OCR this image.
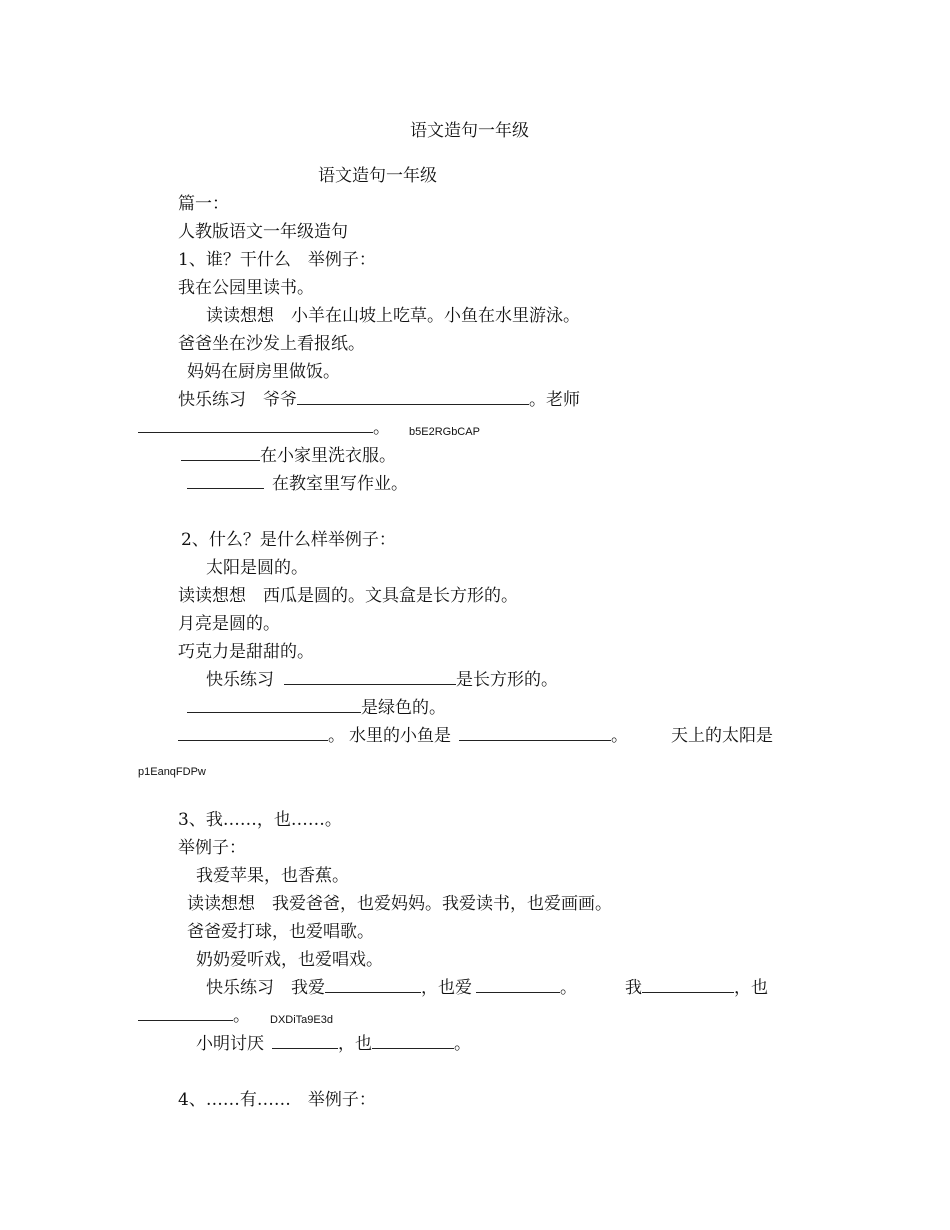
语文造句一年级
语文造句一年级
篇一：
人教版语文一年级造句
1、谁？干什么　举例子：
我在公园里读书。
读读想想　小羊在山坡上吃草。小鱼在水里游泳。
爸爸坐在沙发上看报纸。
妈妈在厨房里做饭。
快乐练习　爷爷	。老师
。 b5E2RGbCAP
在小家里洗衣服。
在教室里写作业。
2、什么？是什么样举例子：
太阳是圆的。
读读想想　西瓜是圆的。文具盒是长方形的。
月亮是圆的。
巧克力是甜甜的。
快乐练习	是长方形的。
是绿色的。
。 水里的小鱼是	。	天上的太阳是
p1EanqFDPw
3、我……，也……。
举例子：
我爱苹果，也香蕉。
读读想想　我爱爸爸，也爱妈妈。我爱读书，也爱画画。
爸爸爱打球，也爱唱歌。
奶奶爱听戏，也爱唱戏。
快乐练习　我爱	，也爱	。	我	，也
。 DXDiTa9E3d
小明讨厌	，也	。
4、……有……　举例子：
